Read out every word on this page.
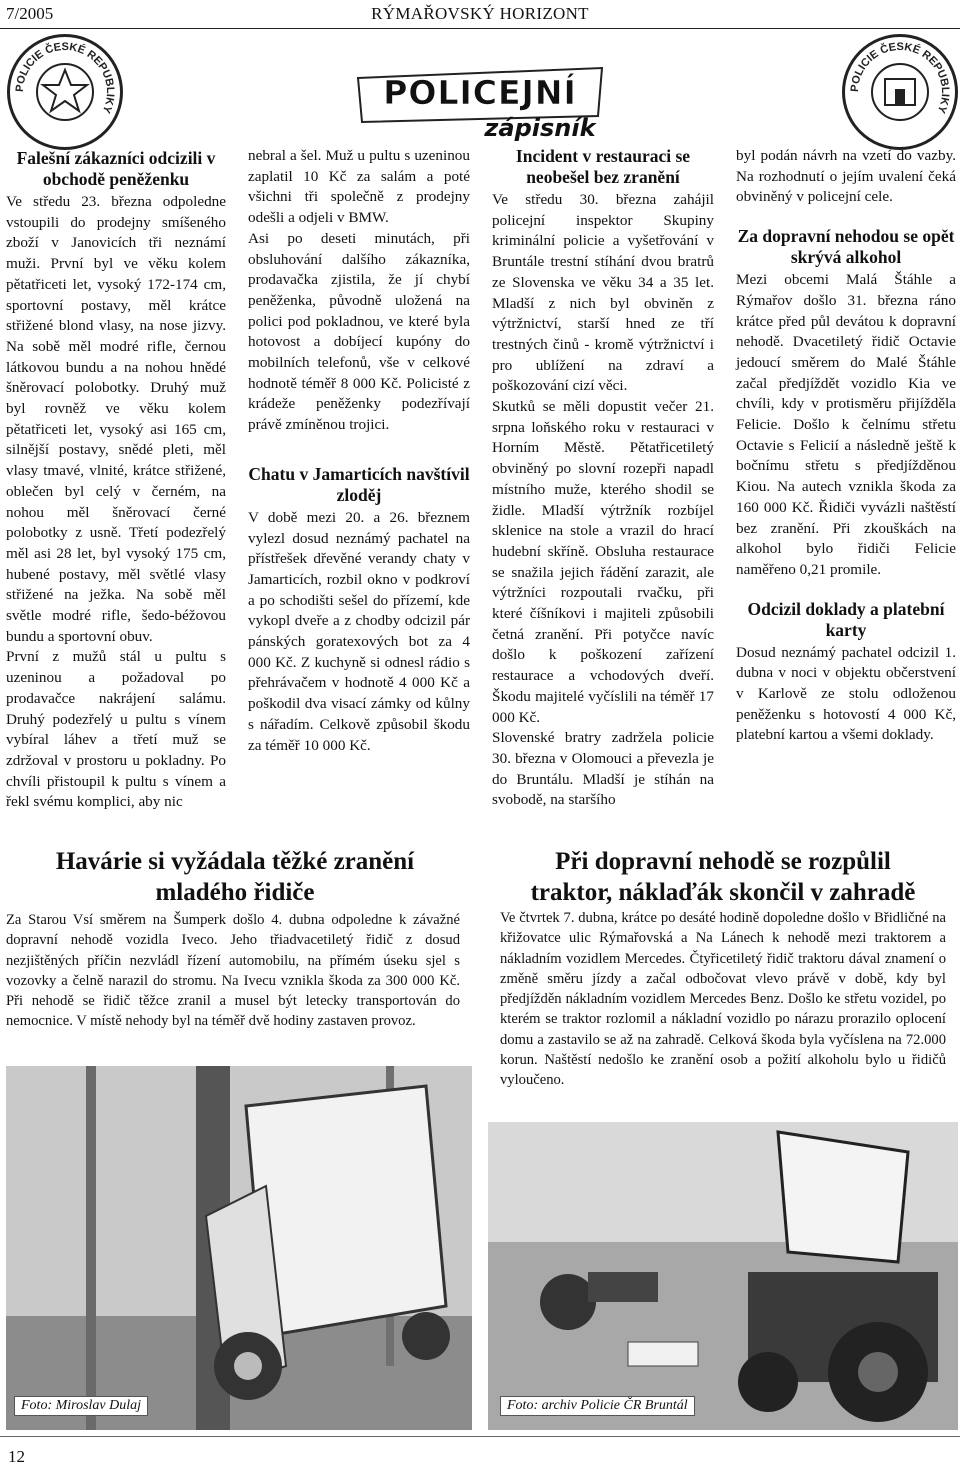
7/2005	RÝMAŘOVSKÝ HORIZONT
POLICIE ČESKÉ REPUBLIKY
POLICIE ČESKÉ REPUBLIKY
POLICEJNÍ
zápisník
Falešní zákazníci odcizili v obchodě peněženku

Ve středu 23. března odpoledne vstoupili do prodejny smíšeného zboží v Janovicích tři neznámí muži. První byl ve věku kolem pětatřiceti let, vysoký 172-174 cm, sportovní postavy, měl krátce střižené blond vlasy, na nose jizvy. Na sobě měl modré rifle, černou látkovou bundu a na nohou hnědé šněrovací polobotky. Druhý muž byl rovněž ve věku kolem pětatřiceti let, vysoký asi 165 cm, silnější postavy, snědé pleti, měl vlasy tmavé, vlnité, krátce střižené, oblečen byl celý v černém, na nohou měl šněrovací černé polobotky z usně. Třetí podezřelý měl asi 28 let, byl vysoký 175 cm, hubené postavy, měl světlé vlasy střižené na ježka. Na sobě měl světle modré rifle, šedo-béžovou bundu a sportovní obuv.

První z mužů stál u pultu s uzeninou a požadoval po prodavačce nakrájení salámu. Druhý podezřelý u pultu s vínem vybíral láhev a třetí muž se zdržoval v prostoru u pokladny. Po chvíli přistoupil k pultu s vínem a řekl svému komplici, aby nic

nebral a šel. Muž u pultu s uzeninou zaplatil 10 Kč za salám a poté všichni tři společně z prodejny odešli a odjeli v BMW.

Asi po deseti minutách, při obsluhování dalšího zákazníka, prodavačka zjistila, že jí chybí peněženka, původně uložená na polici pod pokladnou, ve které byla hotovost a dobíjecí kupóny do mobilních telefonů, vše v celkové hodnotě téměř 8 000 Kč. Policisté z krádeže peněženky podezřívají právě zmíněnou trojici.

Chatu v Jamarticích navštívil zloděj

V době mezi 20. a 26. březnem vylezl dosud neznámý pachatel na přístřešek dřevěné verandy chaty v Jamarticích, rozbil okno v podkroví a po schodišti sešel do přízemí, kde vykopl dveře a z chodby odcizil pár pánských goratexových bot za 4 000 Kč. Z kuchyně si odnesl rádio s přehrávačem v hodnotě 4 000 Kč a poškodil dva visací zámky od kůlny s nářadím. Celkově způsobil škodu za téměř 10 000 Kč.

Incident v restauraci se neobešel bez zranění

Ve středu 30. března zahájil policejní inspektor Skupiny kriminální policie a vyšetřování v Bruntále trestní stíhání dvou bratrů ze Slovenska ve věku 34 a 35 let. Mladší z nich byl obviněn z výtržnictví, starší hned ze tří trestných činů - kromě výtržnictví i pro ublížení na zdraví a poškozování cizí věci.

Skutků se měli dopustit večer 21. srpna loňského roku v restauraci v Horním Městě. Pětatřicetiletý obviněný po slovní rozepři napadl místního muže, kterého shodil se židle. Mladší výtržník rozbíjel sklenice na stole a vrazil do hrací hudební skříně. Obsluha restaurace se snažila jejich řádění zarazit, ale výtržníci rozpoutali rvačku, při které číšníkovi i majiteli způsobili četná zranění. Při potyčce navíc došlo k poškození zařízení restaurace a vchodových dveří. Škodu majitelé vyčíslili na téměř 17 000 Kč.

Slovenské bratry zadržela policie 30. března v Olomouci a převezla je do Bruntálu. Mladší je stíhán na svobodě, na staršího

byl podán návrh na vzetí do vazby. Na rozhodnutí o jejím uvalení čeká obviněný v policejní cele.

Za dopravní nehodou se opět skrývá alkohol

Mezi obcemi Malá Štáhle a Rýmařov došlo 31. března ráno krátce před půl devátou k dopravní nehodě. Dvacetiletý řidič Octavie jedoucí směrem do Malé Štáhle začal předjíždět vozidlo Kia ve chvíli, kdy v protisměru přijížděla Felicie. Došlo k čelnímu střetu Octavie s Felicií a následně ještě k bočnímu střetu s předjížděnou Kiou. Na autech vznikla škoda za 160 000 Kč. Řidiči vyvázli naštěstí bez zranění. Při zkouškách na alkohol bylo řidiči Felicie naměřeno 0,21 promile.

Odcizil doklady a platební karty

Dosud neznámý pachatel odcizil 1. dubna v noci v objektu občerstvení v Karlově ze stolu odloženou peněženku s hotovostí 4 000 Kč, platební kartou a všemi doklady.

Havárie si vyžádala těžké zranění
mladého řidiče
Za Starou Vsí směrem na Šumperk došlo 4. dubna odpoledne k závažné dopravní nehodě vozidla Iveco. Jeho třiadvacetiletý řidič z dosud nezjištěných příčin nezvládl řízení automobilu, na přímém úseku sjel s vozovky a čelně narazil do stromu. Na Ivecu vznikla škoda za 300 000 Kč. Při nehodě se řidič těžce zranil a musel být letecky transportován do nemocnice. V místě nehody byl na téměř dvě hodiny zastaven provoz.
Foto: Miroslav Dulaj
Při dopravní nehodě se rozpůlil
traktor, náklaďák skončil v zahradě
Ve čtvrtek 7. dubna, krátce po desáté hodině dopoledne došlo v Břidličné na křižovatce ulic Rýmařovská a Na Lánech k nehodě mezi traktorem a nákladním vozidlem Mercedes. Čtyřicetiletý řidič traktoru dával znamení o změně směru jízdy a začal odbočovat vlevo právě v době, kdy byl předjížděn nákladním vozidlem Mercedes Benz. Došlo ke střetu vozidel, po kterém se traktor rozlomil a nákladní vozidlo po nárazu prorazilo oplocení domu a zastavilo se až na zahradě. Celková škoda byla vyčíslena na 72.000 korun. Naštěstí nedošlo ke zranění osob a požití alkoholu bylo u řidičů vyloučeno.
Foto: archiv Policie ČR Bruntál
12
